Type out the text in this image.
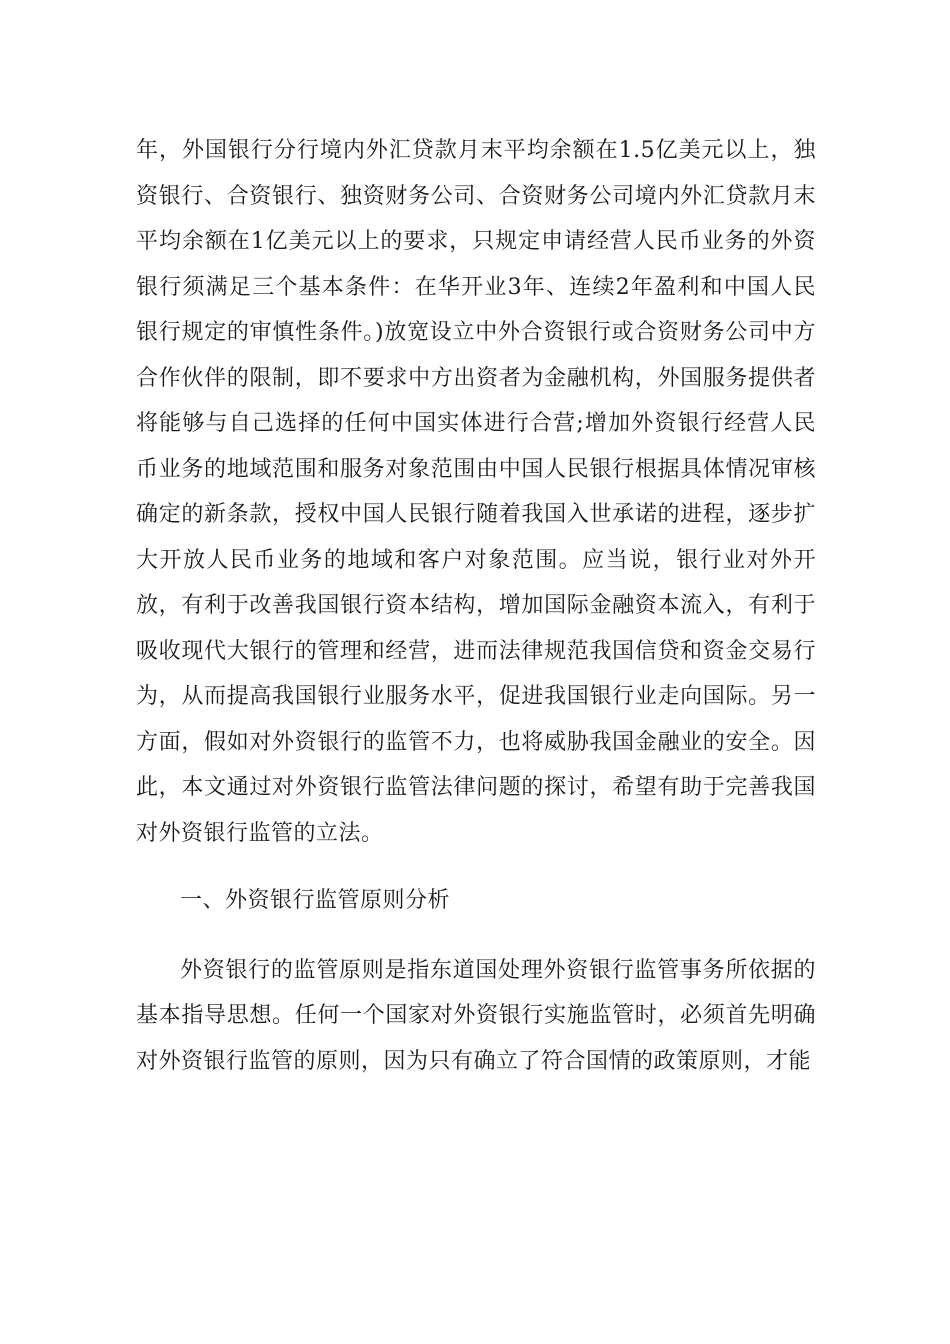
年，外国银行分行境内外汇贷款月末平均余额在1.5亿美元以上，独资银行、合资银行、独资财务公司、合资财务公司境内外汇贷款月末平均余额在1亿美元以上的要求，只规定申请经营人民币业务的外资银行须满足三个基本条件：在华开业3年、连续2年盈利和中国人民银行规定的审慎性条件。)放宽设立中外合资银行或合资财务公司中方合作伙伴的限制，即不要求中方出资者为金融机构，外国服务提供者将能够与自己选择的任何中国实体进行合营;增加外资银行经营人民币业务的地域范围和服务对象范围由中国人民银行根据具体情况审核确定的新条款，授权中国人民银行随着我国入世承诺的进程，逐步扩大开放人民币业务的地域和客户对象范围。应当说，银行业对外开放，有利于改善我国银行资本结构，增加国际金融资本流入，有利于吸收现代大银行的管理和经营，进而法律规范我国信贷和资金交易行为，从而提高我国银行业服务水平，促进我国银行业走向国际。另一方面，假如对外资银行的监管不力，也将威胁我国金融业的安全。因此，本文通过对外资银行监管法律问题的探讨，希望有助于完善我国对外资银行监管的立法。

一、外资银行监管原则分析

外资银行的监管原则是指东道国处理外资银行监管事务所依据的基本指导思想。任何一个国家对外资银行实施监管时，必须首先明确对外资银行监管的原则，因为只有确立了符合国情的政策原则，才能
